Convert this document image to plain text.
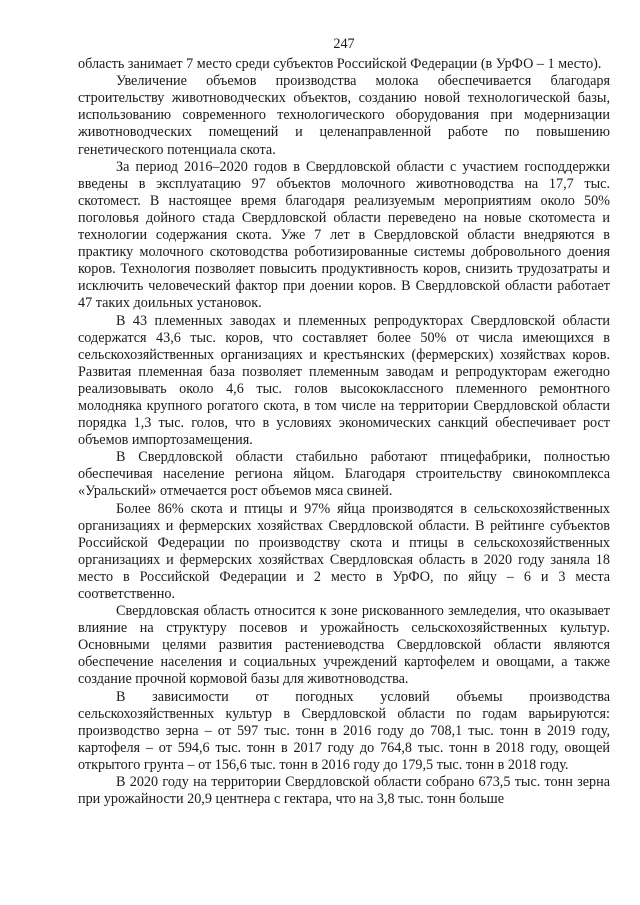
247

область занимает 7 место среди субъектов Российской Федерации (в УрФО – 1 место).

Увеличение объемов производства молока обеспечивается благодаря строительству животноводческих объектов, созданию новой технологической базы, использованию современного технологического оборудования при модернизации животноводческих помещений и целенаправленной работе по повышению генетического потенциала скота.

За период 2016–2020 годов в Свердловской области с участием господдержки введены в эксплуатацию 97 объектов молочного животноводства на 17,7 тыс. скотомест. В настоящее время благодаря реализуемым мероприятиям около 50% поголовья дойного стада Свердловской области переведено на новые скотоместа и технологии содержания скота. Уже 7 лет в Свердловской области внедряются в практику молочного скотоводства роботизированные системы добровольного доения коров. Технология позволяет повысить продуктивность коров, снизить трудозатраты и исключить человеческий фактор при доении коров. В Свердловской области работает 47 таких доильных установок.

В 43 племенных заводах и племенных репродукторах Свердловской области содержатся 43,6 тыс. коров, что составляет более 50% от числа имеющихся в сельскохозяйственных организациях и крестьянских (фермерских) хозяйствах коров. Развитая племенная база позволяет племенным заводам и репродукторам ежегодно реализовывать около 4,6 тыс. голов высококлассного племенного ремонтного молодняка крупного рогатого скота, в том числе на территории Свердловской области порядка 1,3 тыс. голов, что в условиях экономических санкций обеспечивает рост объемов импортозамещения.

В Свердловской области стабильно работают птицефабрики, полностью обеспечивая население региона яйцом. Благодаря строительству свинокомплекса «Уральский» отмечается рост объемов мяса свиней.

Более 86% скота и птицы и 97% яйца производятся в сельскохозяйственных организациях и фермерских хозяйствах Свердловской области. В рейтинге субъектов Российской Федерации по производству скота и птицы в сельскохозяйственных организациях и фермерских хозяйствах Свердловская область в 2020 году заняла 18 место в Российской Федерации и 2 место в УрФО, по яйцу – 6 и 3 места соответственно.

Свердловская область относится к зоне рискованного земледелия, что оказывает влияние на структуру посевов и урожайность сельскохозяйственных культур. Основными целями развития растениеводства Свердловской области являются обеспечение населения и социальных учреждений картофелем и овощами, а также создание прочной кормовой базы для животноводства.

В зависимости от погодных условий объемы производства сельскохозяйственных культур в Свердловской области по годам варьируются: производство зерна – от 597 тыс. тонн в 2016 году до 708,1 тыс. тонн в 2019 году, картофеля – от 594,6 тыс. тонн в 2017 году до 764,8 тыс. тонн в 2018 году, овощей открытого грунта – от 156,6 тыс. тонн в 2016 году до 179,5 тыс. тонн в 2018 году.

В 2020 году на территории Свердловской области собрано 673,5 тыс. тонн зерна при урожайности 20,9 центнера с гектара, что на 3,8 тыс. тонн больше
